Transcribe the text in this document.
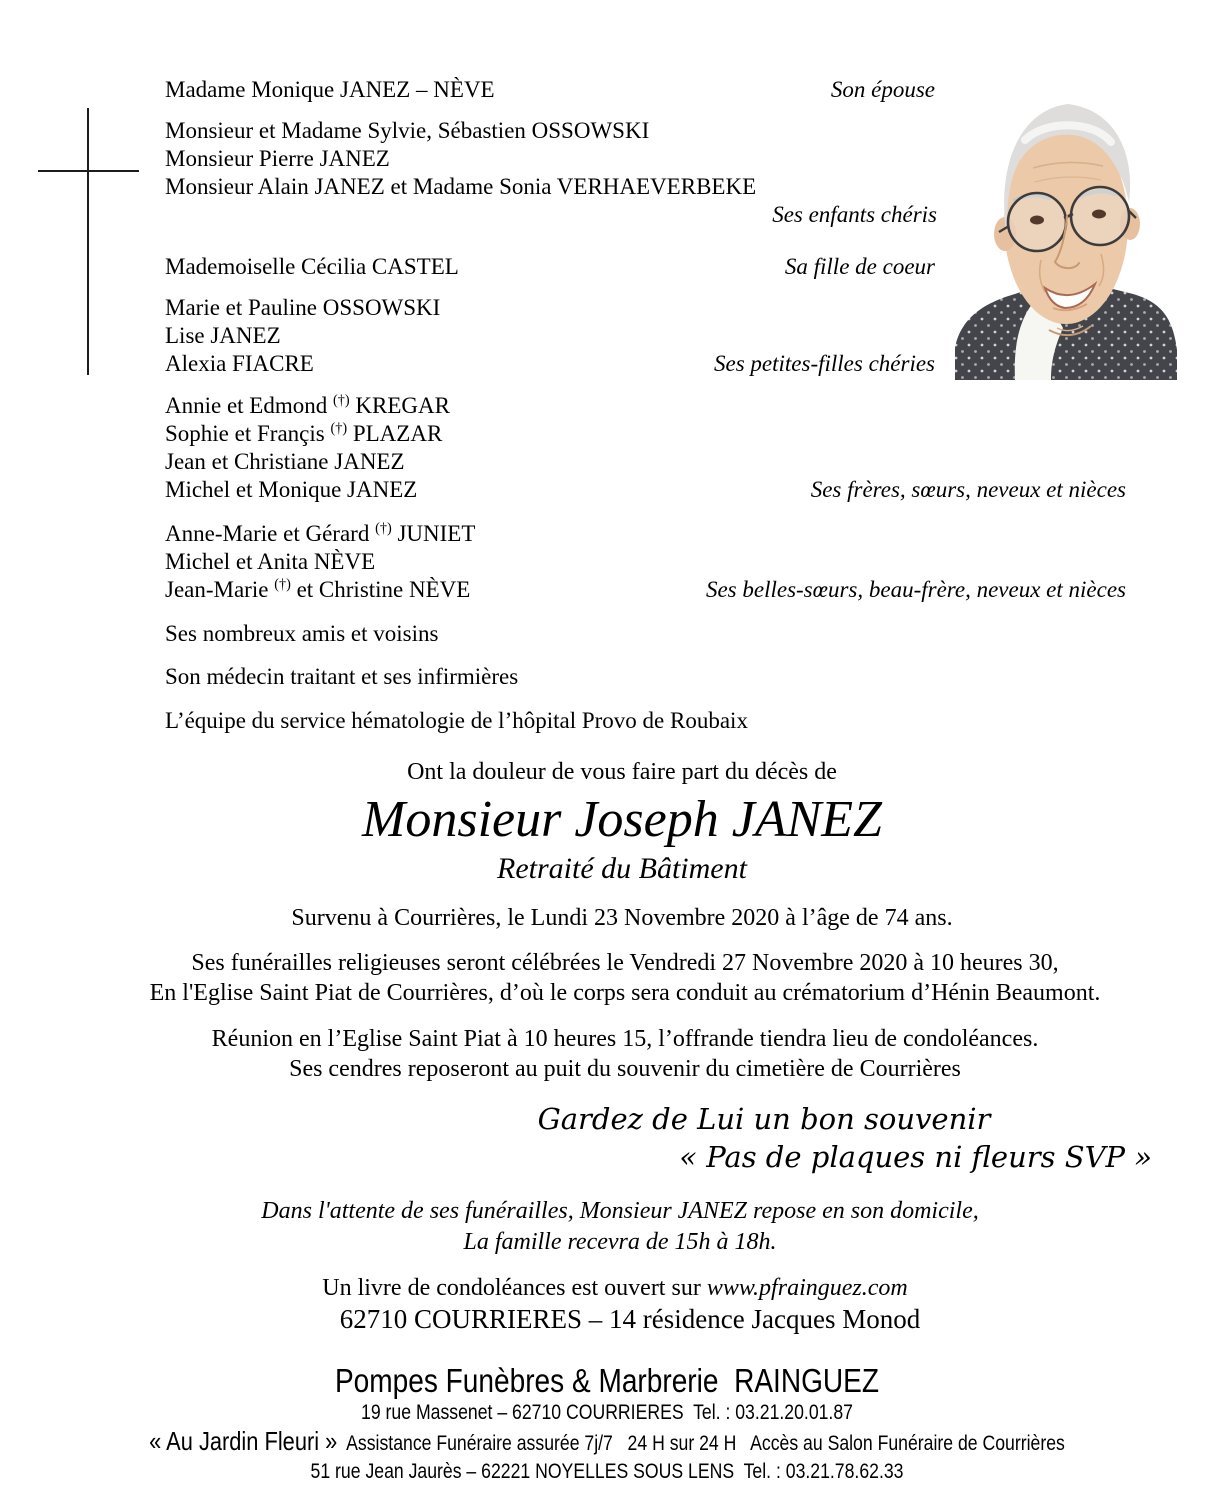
Madame Monique JANEZ – NÈVE	Son épouse
Monsieur et Madame Sylvie, Sébastien OSSOWSKI
Monsieur Pierre JANEZ
Monsieur Alain JANEZ et Madame Sonia VERHAEVERBEKE
Ses enfants chéris
Mademoiselle Cécilia CASTEL	Sa fille de coeur
Marie et Pauline OSSOWSKI
Lise JANEZ
Alexia FIACRE	Ses petites-filles chéries
Annie et Edmond (†) KREGAR
Sophie et Françis (†) PLAZAR
Jean et Christiane JANEZ
Michel et Monique JANEZ	Ses frères, sœurs, neveux et nièces
Anne-Marie et Gérard (†) JUNIET
Michel et Anita NÈVE
Jean-Marie (†) et Christine NÈVE	Ses belles-sœurs, beau-frère, neveux et nièces
Ses nombreux amis et voisins
Son médecin traitant et ses infirmières
L’équipe du service hématologie de l’hôpital Provo de Roubaix
Ont la douleur de vous faire part du décès de
Monsieur Joseph JANEZ
Retraité du Bâtiment
Survenu à Courrières, le Lundi 23 Novembre 2020 à l’âge de 74 ans.
Ses funérailles religieuses seront célébrées le Vendredi 27 Novembre 2020 à 10 heures 30,
En l'Eglise Saint Piat de Courrières, d’où le corps sera conduit au crématorium d’Hénin Beaumont.
Réunion en l’Eglise Saint Piat à 10 heures 15, l’offrande tiendra lieu de condoléances.
Ses cendres reposeront au puit du souvenir du cimetière de Courrières
Gardez de Lui un bon souvenir
« Pas de plaques ni fleurs SVP »
Dans l'attente de ses funérailles, Monsieur JANEZ repose en son domicile,
La famille recevra de 15h à 18h.
Un livre de condoléances est ouvert sur www.pfrainguez.com
62710 COURRIERES – 14 résidence Jacques Monod
Pompes Funèbres & Marbrerie  RAINGUEZ
19 rue Massenet – 62710 COURRIERES  Tel. : 03.21.20.01.87
« Au Jardin Fleuri »  Assistance Funéraire assurée 7j/7   24 H sur 24 H   Accès au Salon Funéraire de Courrières
51 rue Jean Jaurès – 62221 NOYELLES SOUS LENS  Tel. : 03.21.78.62.33
